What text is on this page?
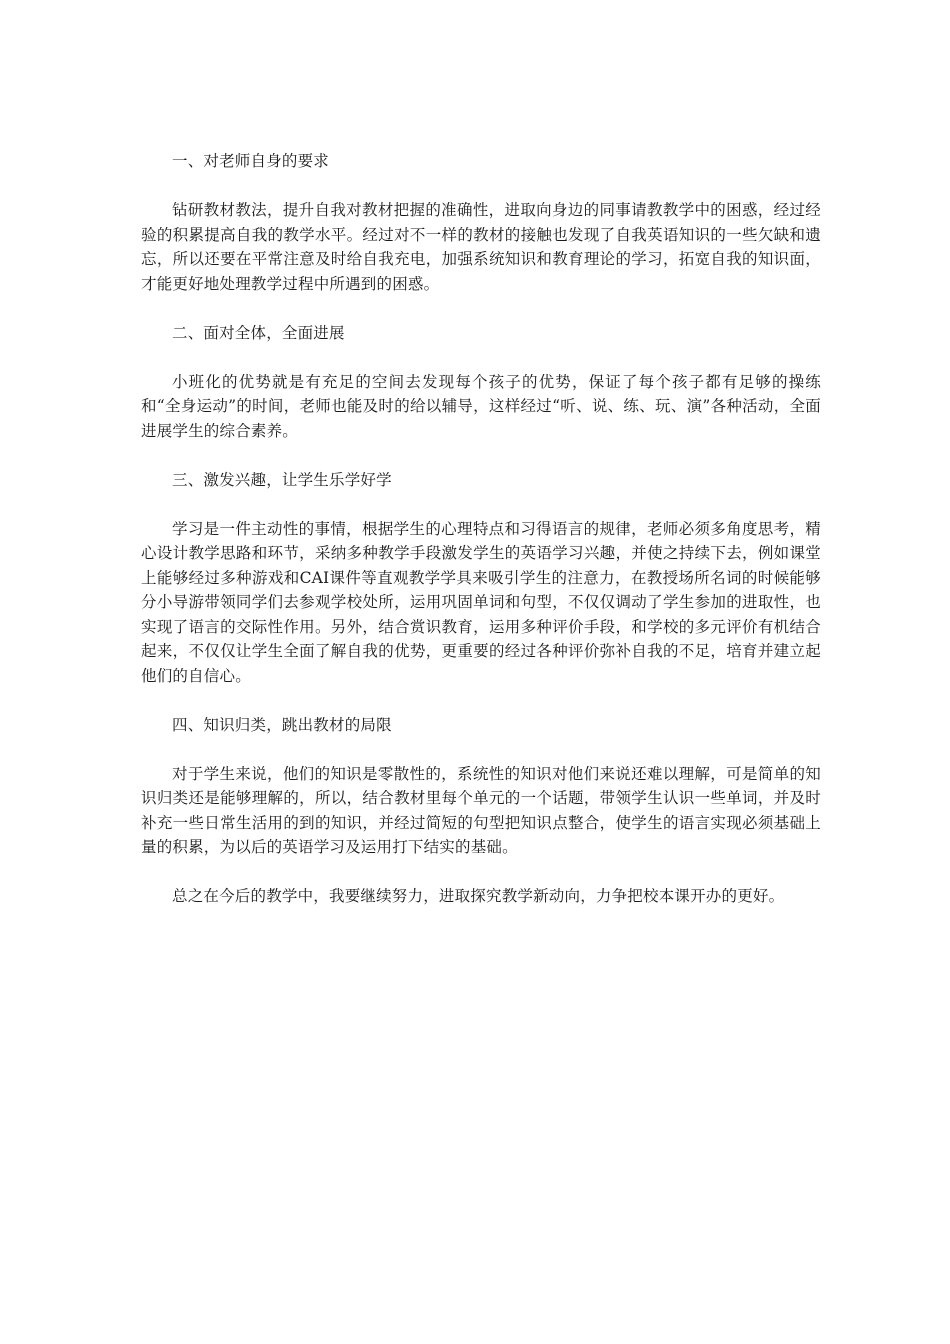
一、对老师自身的要求

钻研教材教法，提升自我对教材把握的准确性，进取向身边的同事请教教学中的困惑，经过经验的积累提高自我的教学水平。经过对不一样的教材的接触也发现了自我英语知识的一些欠缺和遗忘，所以还要在平常注意及时给自我充电，加强系统知识和教育理论的学习，拓宽自我的知识面，才能更好地处理教学过程中所遇到的困惑。

二、面对全体，全面进展

小班化的优势就是有充足的空间去发现每个孩子的优势，保证了每个孩子都有足够的操练和“全身运动”的时间，老师也能及时的给以辅导，这样经过“听、说、练、玩、演”各种活动，全面进展学生的综合素养。

三、激发兴趣，让学生乐学好学

学习是一件主动性的事情，根据学生的心理特点和习得语言的规律，老师必须多角度思考，精心设计教学思路和环节，采纳多种教学手段激发学生的英语学习兴趣，并使之持续下去，例如课堂上能够经过多种游戏和CAI课件等直观教学学具来吸引学生的注意力，在教授场所名词的时候能够分小导游带领同学们去参观学校处所，运用巩固单词和句型，不仅仅调动了学生参加的进取性，也实现了语言的交际性作用。另外，结合赏识教育，运用多种评价手段，和学校的多元评价有机结合起来，不仅仅让学生全面了解自我的优势，更重要的经过各种评价弥补自我的不足，培育并建立起他们的自信心。

四、知识归类，跳出教材的局限

对于学生来说，他们的知识是零散性的，系统性的知识对他们来说还难以理解，可是简单的知识归类还是能够理解的，所以，结合教材里每个单元的一个话题，带领学生认识一些单词，并及时补充一些日常生活用的到的知识，并经过简短的句型把知识点整合，使学生的语言实现必须基础上量的积累，为以后的英语学习及运用打下结实的基础。

总之在今后的教学中，我要继续努力，进取探究教学新动向，力争把校本课开办的更好。
